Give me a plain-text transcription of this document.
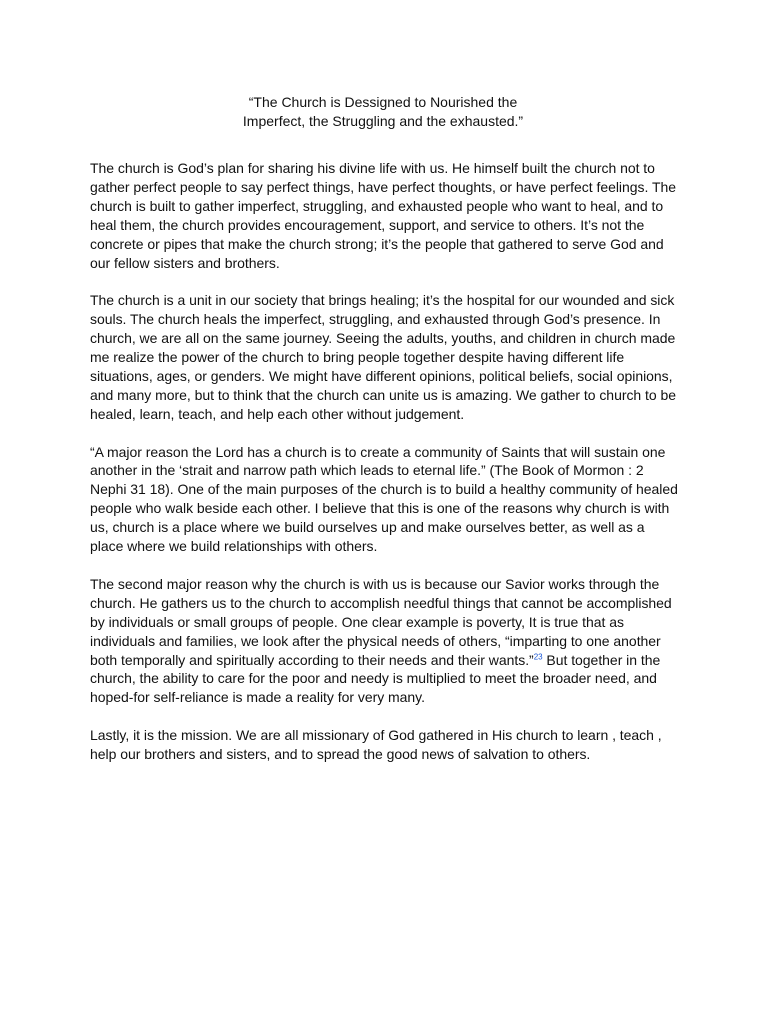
“The Church is Dessigned to Nourished the
Imperfect, the Struggling and the exhausted.”

The church is God’s plan for sharing his divine life with us. He himself built the church not to gather perfect people to say perfect things, have perfect thoughts, or have perfect feelings. The church is built to gather imperfect, struggling, and exhausted people who want to heal, and to heal them, the church provides encouragement, support, and service to others. It’s not the concrete or pipes that make the church strong; it’s the people that gathered to serve God and our fellow sisters and brothers.

The church is a unit in our society that brings healing; it’s the hospital for our wounded and sick souls. The church heals the imperfect, struggling, and exhausted through God’s presence. In church, we are all on the same journey. Seeing the adults, youths, and children in church made me realize the power of the church to bring people together despite having different life situations, ages, or genders. We might have different opinions, political beliefs, social opinions, and many more, but to think that the church can unite us is amazing. We gather to church to be healed, learn, teach, and help each other without judgement.

“A major reason the Lord has a church is to create a community of Saints that will sustain one another in the ‘strait and narrow path which leads to eternal life.” (The Book of Mormon : 2 Nephi 31 18). One of the main purposes of the church is to build a healthy community of healed people who walk beside each other. I believe that this is one of the reasons why church is with us, church is a place where we build ourselves up and make ourselves better, as well as a place where we build relationships with others.

The second major reason why the church is with us is because our Savior works through the church. He gathers us to the church to accomplish needful things that cannot be accomplished by individuals or small groups of people. One clear example is poverty, It is true that as individuals and families, we look after the physical needs of others, “imparting to one another both temporally and spiritually according to their needs and their wants.”$^{23}$ But together in the church, the ability to care for the poor and needy is multiplied to meet the broader need, and hoped-for self-reliance is made a reality for very many.

Lastly, it is the mission. We are all missionary of God gathered in His church to learn , teach , help our brothers and sisters, and to spread the good news of salvation to others.
